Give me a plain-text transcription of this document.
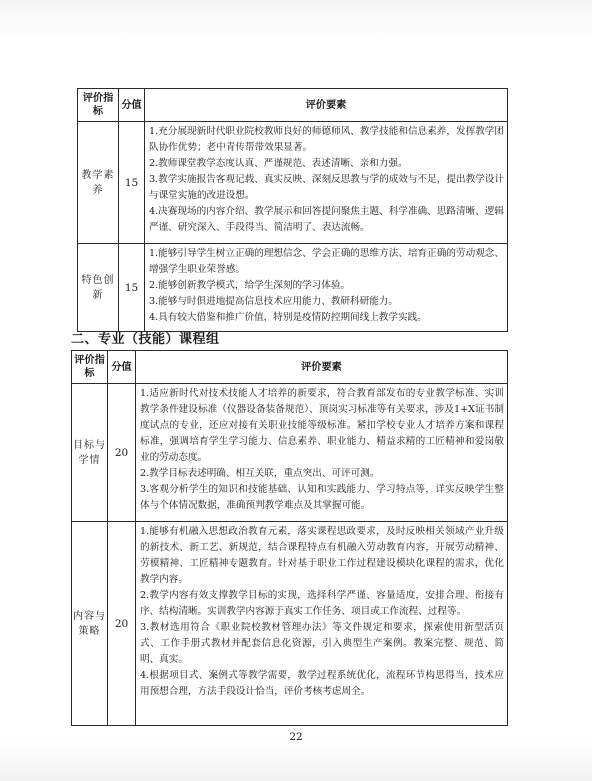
评价指标	分值	评价要素
教学素养	15	1.充分展现新时代职业院校教师良好的师德师风、教学技能和信息素养，发挥教学团队协作优势；老中青传帮带效果显著。
2.教师课堂教学态度认真、严谨规范、表述清晰、亲和力强。
3.教学实施报告客观记载、真实反映、深刻反思教与学的成效与不足，提出教学设计与课堂实施的改进设想。
4.决赛现场的内容介绍、教学展示和回答提问聚焦主题、科学准确、思路清晰、逻辑严谨、研究深入、手段得当、简洁明了、表达流畅。

特色创新	15	1.能够引导学生树立正确的理想信念、学会正确的思维方法、培育正确的劳动观念、增强学生职业荣誉感。
2.能够创新教学模式，给学生深刻的学习体验。
3.能够与时俱进地提高信息技术应用能力、教研科研能力。
4.具有较大借鉴和推广价值，特别是疫情防控期间线上教学实践。
二、专业（技能）课程组
评价指标	分值	评价要素
目标与学情	20	1.适应新时代对技术技能人才培养的新要求，符合教育部发布的专业教学标准、实训教学条件建设标准（仪器设备装备规范）、顶岗实习标准等有关要求，涉及1+X证书制度试点的专业，还应对接有关职业技能等级标准。紧扣学校专业人才培养方案和课程标准，强调培育学生学习能力、信息素养、职业能力、精益求精的工匠精神和爱岗敬业的劳动态度。
2.教学目标表述明确、相互关联，重点突出、可评可测。
3.客观分析学生的知识和技能基础、认知和实践能力、学习特点等，详实反映学生整体与个体情况数据，准确预判教学难点及其掌握可能。

内容与策略	20	1.能够有机融入思想政治教育元素，落实课程思政要求，及时反映相关领域产业升级的新技术、新工艺、新规范，结合课程特点有机融入劳动教育内容，开展劳动精神、劳模精神、工匠精神专题教育。针对基于职业工作过程建设模块化课程的需求，优化教学内容。
2.教学内容有效支撑教学目标的实现，选择科学严谨、容量适度，安排合理、衔接有序、结构清晰。实训教学内容源于真实工作任务、项目或工作流程、过程等。
3.教材选用符合《职业院校教材管理办法》等文件规定和要求，探索使用新型活页式、工作手册式教材并配套信息化资源，引入典型生产案例。教案完整、规范、简明、真实。
4.根据项目式、案例式等教学需要，教学过程系统优化，流程环节构思得当，技术应用预想合理，方法手段设计恰当，评价考核考虑周全。
22
